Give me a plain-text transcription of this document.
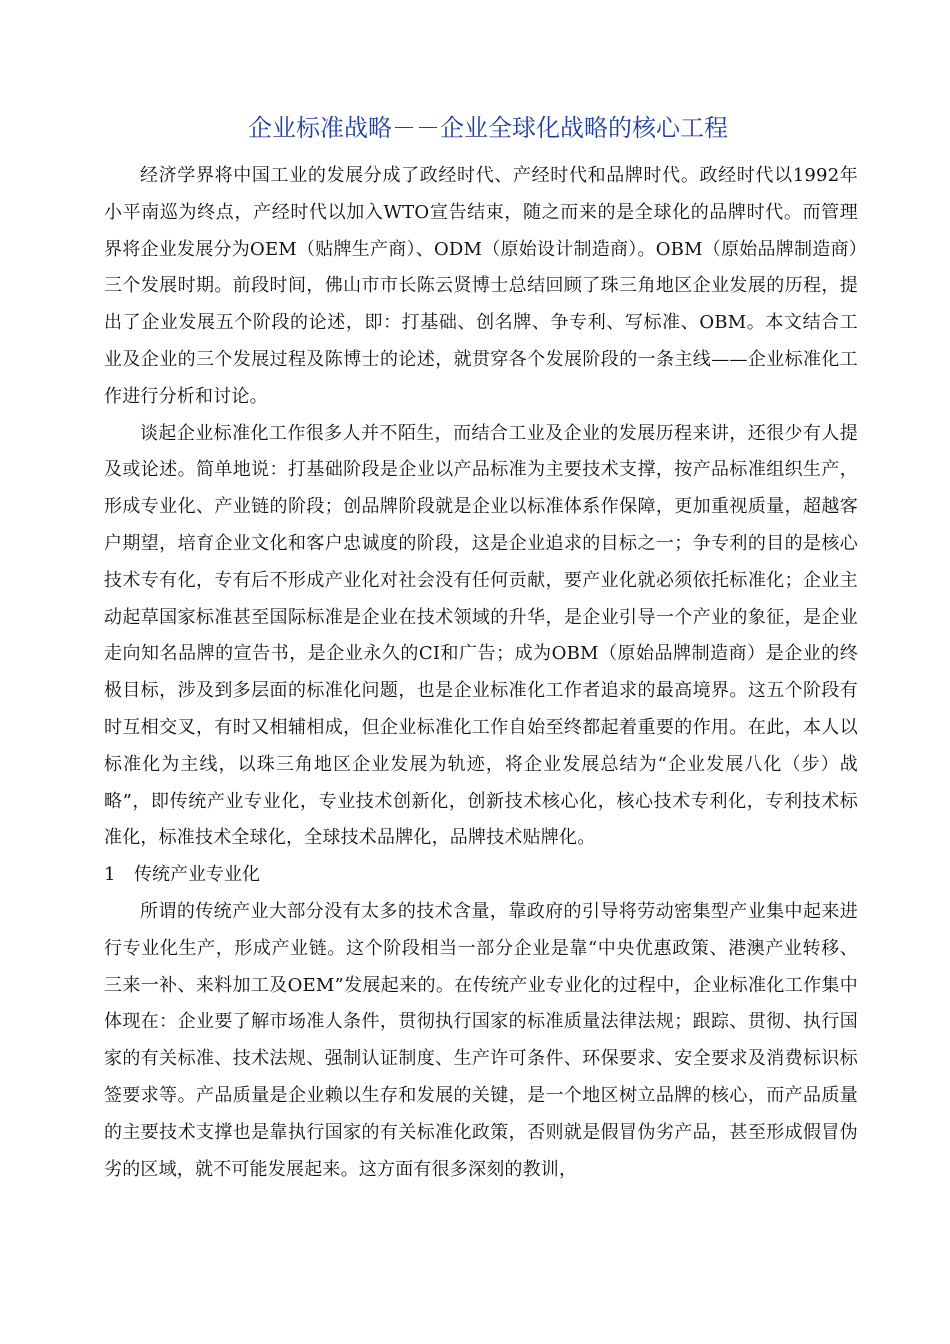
企业标准战略－－企业全球化战略的核心工程

经济学界将中国工业的发展分成了政经时代、产经时代和品牌时代。政经时代以1992年小平南巡为终点，产经时代以加入WTO宣告结束，随之而来的是全球化的品牌时代。而管理界将企业发展分为OEM（贴牌生产商）、ODM（原始设计制造商）。OBM（原始品牌制造商）三个发展时期。前段时间，佛山市市长陈云贤博士总结回顾了珠三角地区企业发展的历程，提出了企业发展五个阶段的论述，即：打基础、创名牌、争专利、写标准、OBM。本文结合工业及企业的三个发展过程及陈博士的论述，就贯穿各个发展阶段的一条主线——企业标准化工作进行分析和讨论。

谈起企业标准化工作很多人并不陌生，而结合工业及企业的发展历程来讲，还很少有人提及或论述。简单地说：打基础阶段是企业以产品标准为主要技术支撑，按产品标准组织生产，形成专业化、产业链的阶段；创品牌阶段就是企业以标准体系作保障，更加重视质量，超越客户期望，培育企业文化和客户忠诚度的阶段，这是企业追求的目标之一；争专利的目的是核心技术专有化，专有后不形成产业化对社会没有任何贡献，要产业化就必须依托标准化；企业主动起草国家标准甚至国际标准是企业在技术领域的升华，是企业引导一个产业的象征，是企业走向知名品牌的宣告书，是企业永久的CI和广告；成为OBM（原始品牌制造商）是企业的终极目标，涉及到多层面的标准化问题，也是企业标准化工作者追求的最高境界。这五个阶段有时互相交叉，有时又相辅相成，但企业标准化工作自始至终都起着重要的作用。在此，本人以标准化为主线，以珠三角地区企业发展为轨迹，将企业发展总结为“企业发展八化（步）战略”，即传统产业专业化，专业技术创新化，创新技术核心化，核心技术专利化，专利技术标准化，标准技术全球化，全球技术品牌化，品牌技术贴牌化。

1 传统产业专业化

所谓的传统产业大部分没有太多的技术含量，靠政府的引导将劳动密集型产业集中起来进行专业化生产，形成产业链。这个阶段相当一部分企业是靠“中央优惠政策、港澳产业转移、三来一补、来料加工及OEM”发展起来的。在传统产业专业化的过程中，企业标准化工作集中体现在：企业要了解市场准人条件，贯彻执行国家的标准质量法律法规；跟踪、贯彻、执行国家的有关标准、技术法规、强制认证制度、生产许可条件、环保要求、安全要求及消费标识标签要求等。产品质量是企业赖以生存和发展的关键，是一个地区树立品牌的核心，而产品质量的主要技术支撑也是靠执行国家的有关标准化政策，否则就是假冒伪劣产品，甚至形成假冒伪劣的区域，就不可能发展起来。这方面有很多深刻的教训，
